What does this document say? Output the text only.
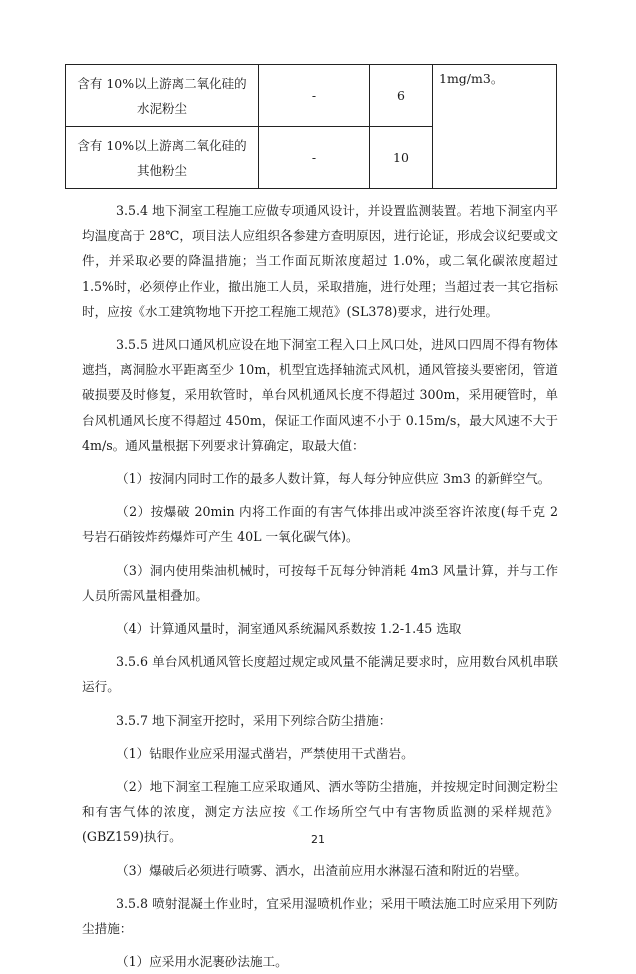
含有 10%以上游离二氧化硅的水泥粉尘	-	6	1mg/m3。
含有 10%以上游离二氧化硅的其他粉尘	-	10	

3.5.4 地下洞室工程施工应做专项通风设计，并设置监测装置。若地下洞室内平均温度高于 28℃，项目法人应组织各参建方查明原因，进行论证，形成会议纪要或文件，并采取必要的降温措施；当工作面瓦斯浓度超过 1.0%，或二氧化碳浓度超过 1.5%时，必须停止作业，撤出施工人员，采取措施，进行处理；当超过表一其它指标时，应按《水工建筑物地下开挖工程施工规范》(SL378)要求，进行处理。

3.5.5 进风口通风机应设在地下洞室工程入口上风口处，进风口四周不得有物体遮挡，离洞脸水平距离至少 10m，机型宜选择轴流式风机，通风管接头要密闭，管道破损要及时修复，采用软管时，单台风机通风长度不得超过 300m，采用硬管时，单台风机通风长度不得超过 450m，保证工作面风速不小于 0.15m/s，最大风速不大于 4m/s。通风量根据下列要求计算确定，取最大值：

（1）按洞内同时工作的最多人数计算，每人每分钟应供应 3m3 的新鲜空气。

（2）按爆破 20min 内将工作面的有害气体排出或冲淡至容许浓度(每千克 2 号岩石硝铵炸药爆炸可产生 40L 一氧化碳气体)。

（3）洞内使用柴油机械时，可按每千瓦每分钟消耗 4m3 风量计算，并与工作人员所需风量相叠加。

（4）计算通风量时，洞室通风系统漏风系数按 1.2-1.45 选取

3.5.6 单台风机通风管长度超过规定或风量不能满足要求时，应用数台风机串联运行。

3.5.7 地下洞室开挖时，采用下列综合防尘措施：

（1）钻眼作业应采用湿式凿岩，严禁使用干式凿岩。

（2）地下洞室工程施工应采取通风、洒水等防尘措施，并按规定时间测定粉尘和有害气体的浓度，测定方法应按《工作场所空气中有害物质监测的采样规范》(GBZ159)执行。

（3）爆破后必须进行喷雾、洒水，出渣前应用水淋湿石渣和附近的岩壁。

3.5.8 喷射混凝土作业时，宜采用湿喷机作业；采用干喷法施工时应采用下列防尘措施：

（1）应采用水泥裹砂法施工。

21
